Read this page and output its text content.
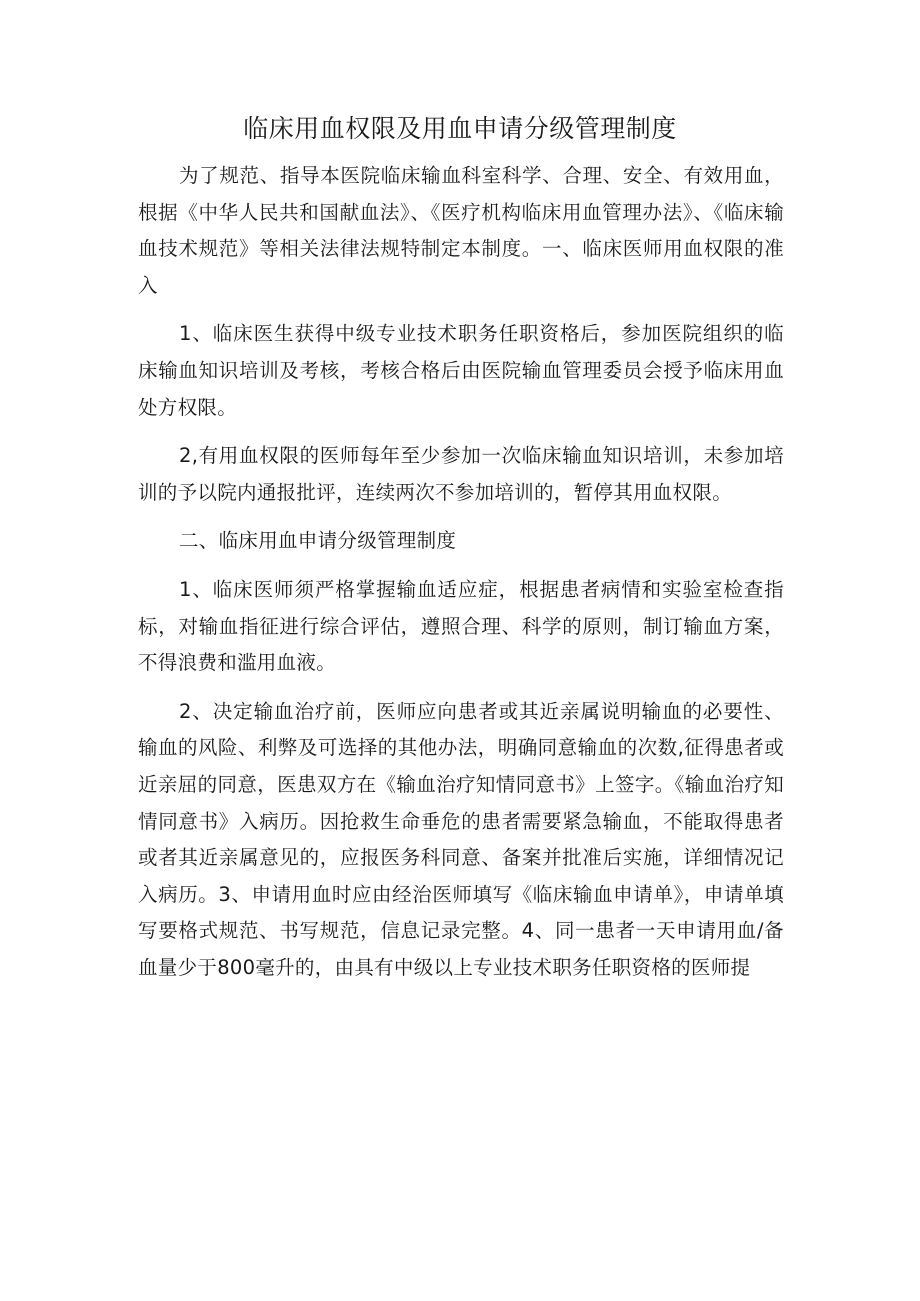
临床用血权限及用血申请分级管理制度

为了规范、指导本医院临床输血科室科学、合理、安全、有效用血，根据《中华人民共和国献血法》、《医疗机构临床用血管理办法》、《临床输血技术规范》等相关法律法规特制定本制度。一、临床医师用血权限的准入

1、临床医生获得中级专业技术职务任职资格后，参加医院组织的临床输血知识培训及考核，考核合格后由医院输血管理委员会授予临床用血处方权限。

2,有用血权限的医师每年至少参加一次临床输血知识培训，未参加培训的予以院内通报批评，连续两次不参加培训的，暂停其用血权限。

二、临床用血申请分级管理制度

1、临床医师须严格掌握输血适应症，根据患者病情和实验室检查指标，对输血指征进行综合评估，遵照合理、科学的原则，制订输血方案，不得浪费和滥用血液。

2、决定输血治疗前，医师应向患者或其近亲属说明输血的必要性、输血的风险、利弊及可选择的其他办法，明确同意输血的次数,征得患者或近亲屈的同意，医患双方在《输血治疗知情同意书》上签字。《输血治疗知情同意书》入病历。因抢救生命垂危的患者需要紧急输血，不能取得患者或者其近亲属意见的，应报医务科同意、备案并批准后实施，详细情况记入病历。3、申请用血时应由经治医师填写《临床输血申请单》，申请单填写要格式规范、书写规范，信息记录完整。4、同一患者一天申请用血/备血量少于800毫升的，由具有中级以上专业技术职务任职资格的医师提
